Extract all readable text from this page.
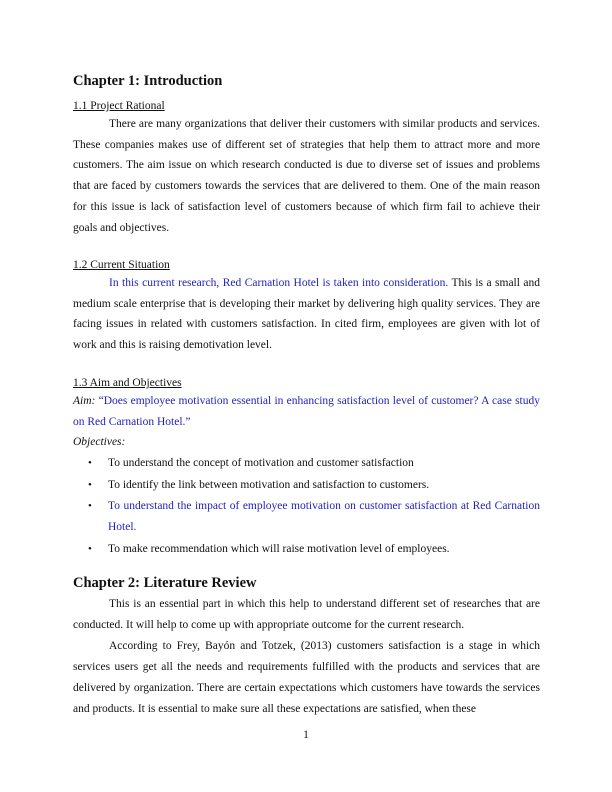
Chapter 1: Introduction
1.1 Project Rational

There are many organizations that deliver their customers with similar products and services. These companies makes use of different set of strategies that help them to attract more and more customers. The aim issue on which research conducted is due to diverse set of issues and problems that are faced by customers towards the services that are delivered to them. One of the main reason for this issue is lack of satisfaction level of customers because of which firm fail to achieve their goals and objectives.

1.2 Current Situation

In this current research, Red Carnation Hotel is taken into consideration. This is a small and medium scale enterprise that is developing their market by delivering high quality services. They are facing issues in related with customers satisfaction. In cited firm, employees are given with lot of work and this is raising demotivation level.

1.3 Aim and Objectives

Aim: “Does employee motivation essential in enhancing satisfaction level of customer? A case study on Red Carnation Hotel.”

Objectives:

• To understand the concept of motivation and customer satisfaction
• To identify the link between motivation and satisfaction to customers.
• To understand the impact of employee motivation on customer satisfaction at Red Carnation Hotel.
• To make recommendation which will raise motivation level of employees.
Chapter 2: Literature Review

This is an essential part in which this help to understand different set of researches that are conducted. It will help to come up with appropriate outcome for the current research.

According to Frey, Bayón and Totzek, (2013) customers satisfaction is a stage in which services users get all the needs and requirements fulfilled with the products and services that are delivered by organization. There are certain expectations which customers have towards the services and products. It is essential to make sure all these expectations are satisfied, when these

1
